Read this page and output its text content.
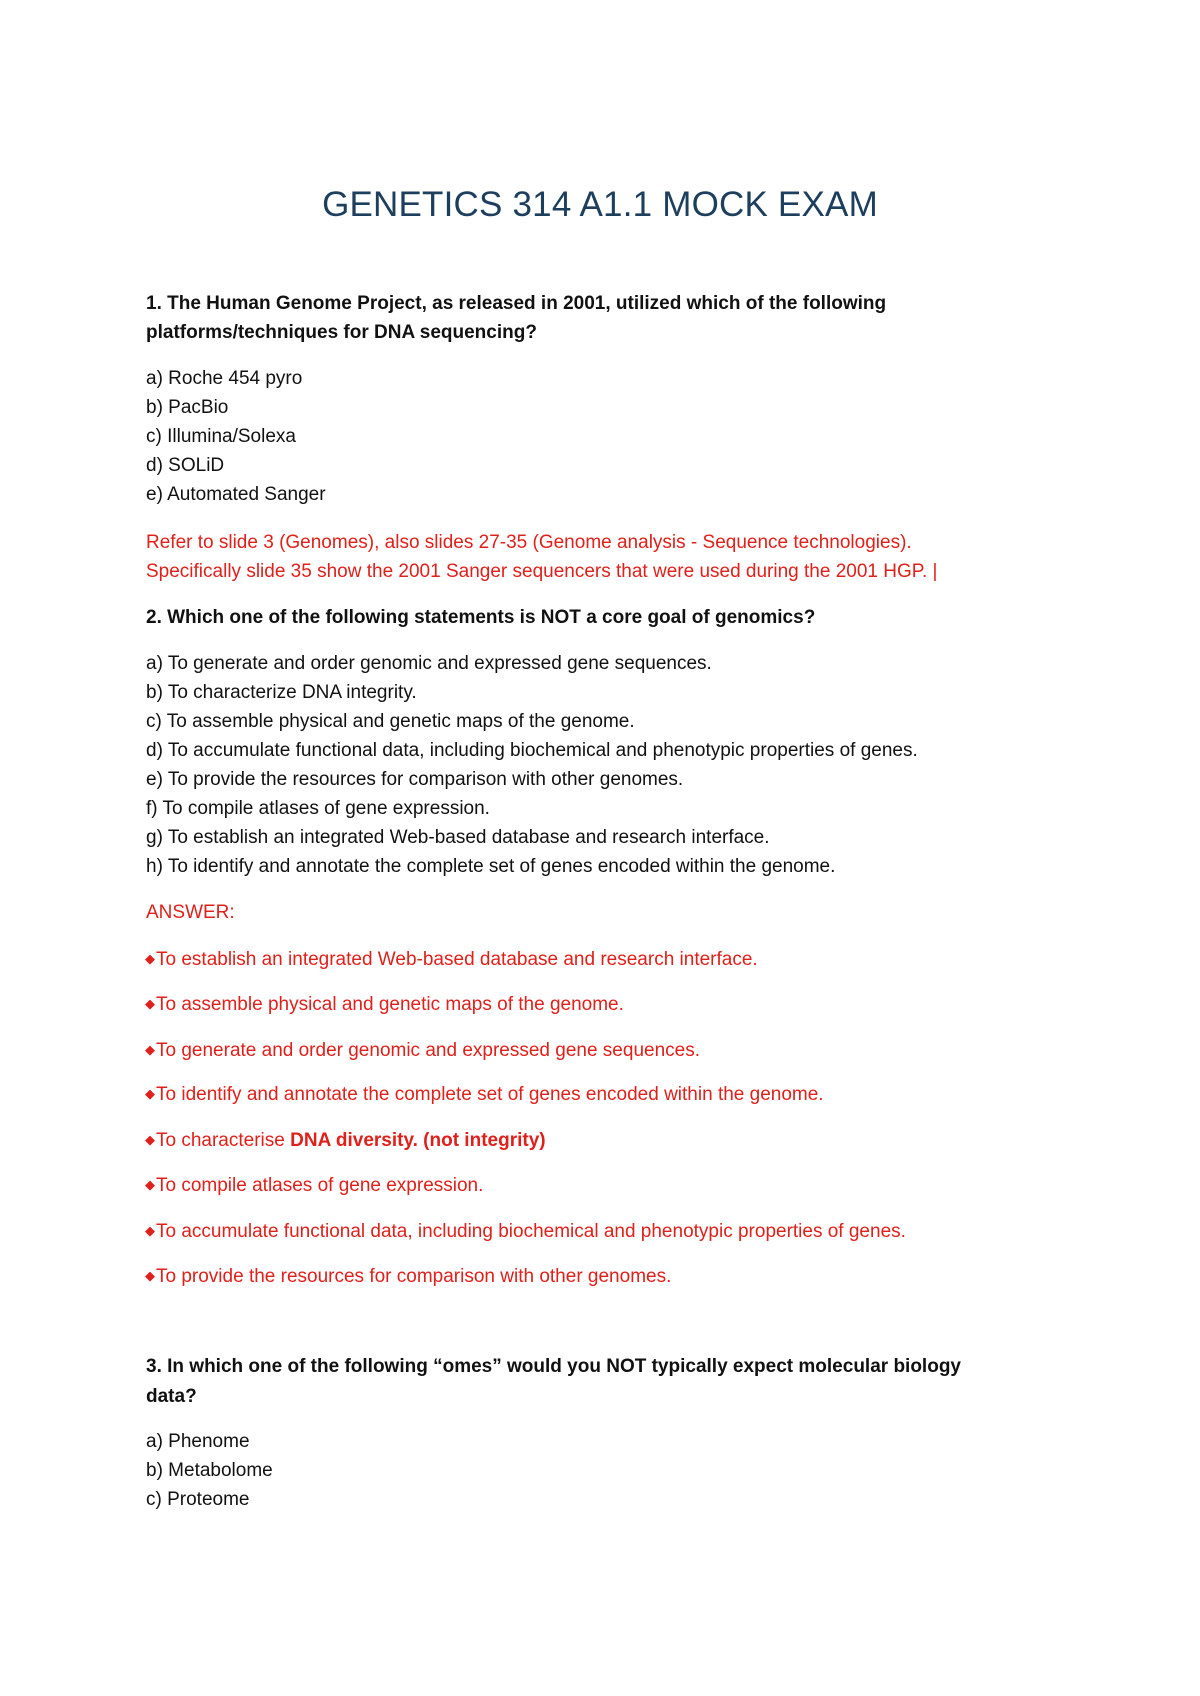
GENETICS 314 A1.1 MOCK EXAM
1. The Human Genome Project, as released in 2001, utilized which of the following
platforms/techniques for DNA sequencing?
a) Roche 454 pyro
b) PacBio
c) Illumina/Solexa
d) SOLiD
e) Automated Sanger
Refer to slide 3 (Genomes), also slides 27-35 (Genome analysis - Sequence technologies).
Specifically slide 35 show the 2001 Sanger sequencers that were used during the 2001 HGP. |
2. Which one of the following statements is NOT a core goal of genomics?
a) To generate and order genomic and expressed gene sequences.
b) To characterize DNA integrity.
c) To assemble physical and genetic maps of the genome.
d) To accumulate functional data, including biochemical and phenotypic properties of genes.
e) To provide the resources for comparison with other genomes.
f) To compile atlases of gene expression.
g) To establish an integrated Web-based database and research interface.
h) To identify and annotate the complete set of genes encoded within the genome.
ANSWER:
◆To establish an integrated Web-based database and research interface.
◆To assemble physical and genetic maps of the genome.
◆To generate and order genomic and expressed gene sequences.
◆To identify and annotate the complete set of genes encoded within the genome.
◆To characterise DNA diversity. (not integrity)
◆To compile atlases of gene expression.
◆To accumulate functional data, including biochemical and phenotypic properties of genes.
◆To provide the resources for comparison with other genomes.
3. In which one of the following “omes” would you NOT typically expect molecular biology
data?
a) Phenome
b) Metabolome
c) Proteome
